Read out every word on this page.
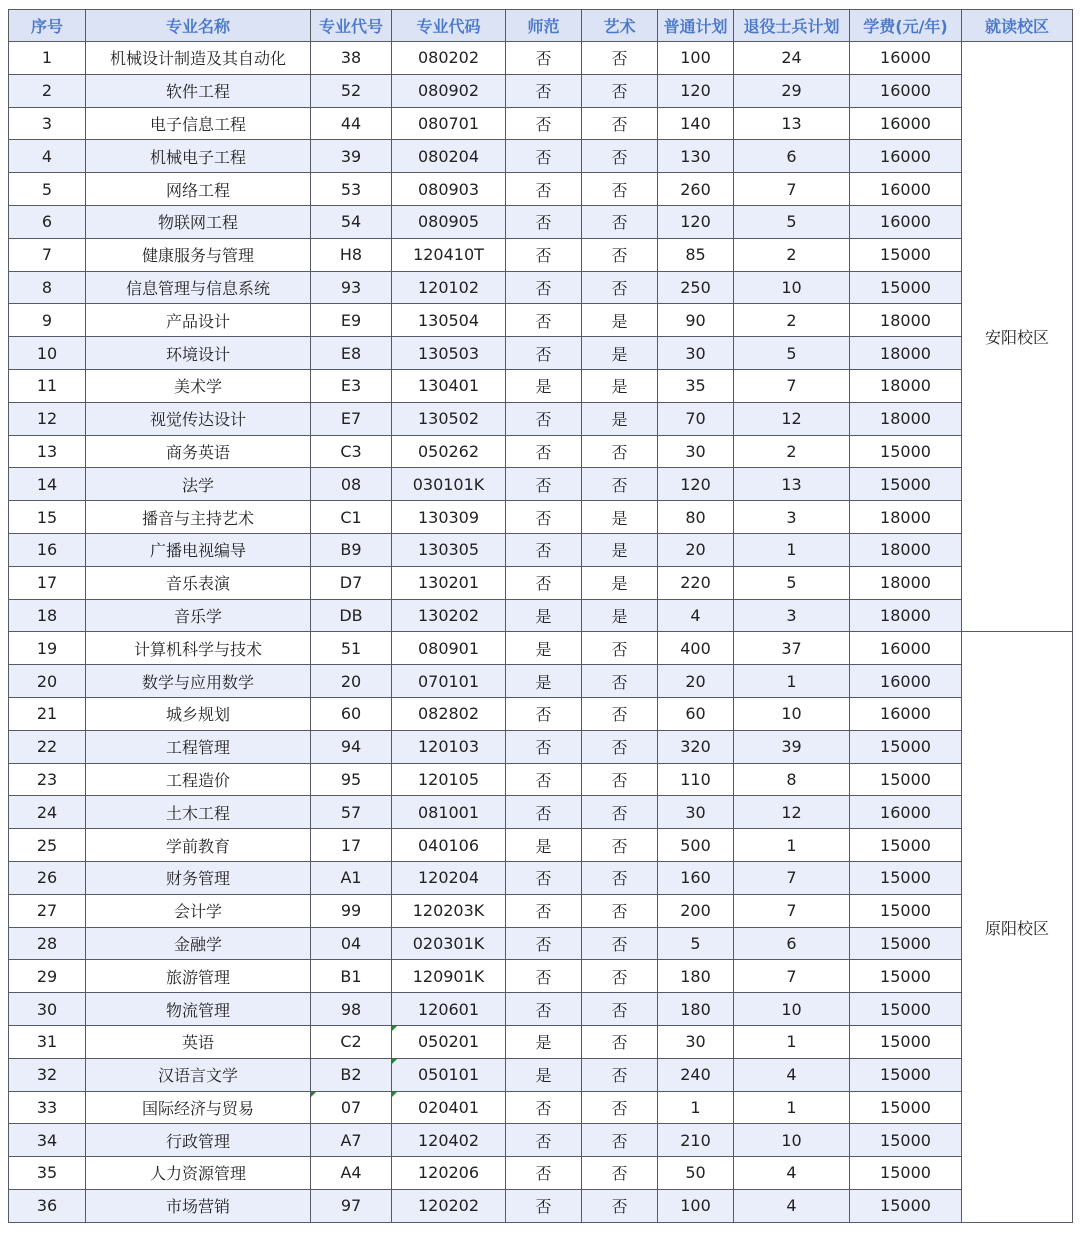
序号	专业名称	专业代号	专业代码	师范	艺术	普通计划	退役士兵计划	学费(元/年)	就读校区
1	机械设计制造及其自动化	38	080202	否	否	100	24	16000	安阳校区
2	软件工程	52	080902	否	否	120	29	16000	
3	电子信息工程	44	080701	否	否	140	13	16000	
4	机械电子工程	39	080204	否	否	130	6	16000	
5	网络工程	53	080903	否	否	260	7	16000	
6	物联网工程	54	080905	否	否	120	5	16000	
7	健康服务与管理	H8	120410T	否	否	85	2	15000	
8	信息管理与信息系统	93	120102	否	否	250	10	15000	
9	产品设计	E9	130504	否	是	90	2	18000	
10	环境设计	E8	130503	否	是	30	5	18000	
11	美术学	E3	130401	是	是	35	7	18000	
12	视觉传达设计	E7	130502	否	是	70	12	18000	
13	商务英语	C3	050262	否	否	30	2	15000	
14	法学	08	030101K	否	否	120	13	15000	
15	播音与主持艺术	C1	130309	否	是	80	3	18000	
16	广播电视编导	B9	130305	否	是	20	1	18000	
17	音乐表演	D7	130201	否	是	220	5	18000	
18	音乐学	DB	130202	是	是	4	3	18000	
19	计算机科学与技术	51	080901	是	否	400	37	16000	原阳校区
20	数学与应用数学	20	070101	是	否	20	1	16000	
21	城乡规划	60	082802	否	否	60	10	16000	
22	工程管理	94	120103	否	否	320	39	15000	
23	工程造价	95	120105	否	否	110	8	15000	
24	土木工程	57	081001	否	否	30	12	16000	
25	学前教育	17	040106	是	否	500	1	15000	
26	财务管理	A1	120204	否	否	160	7	15000	
27	会计学	99	120203K	否	否	200	7	15000	
28	金融学	04	020301K	否	否	5	6	15000	
29	旅游管理	B1	120901K	否	否	180	7	15000	
30	物流管理	98	120601	否	否	180	10	15000	
31	英语	C2	050201	是	否	30	1	15000	
32	汉语言文学	B2	050101	是	否	240	4	15000	
33	国际经济与贸易	07	020401	否	否	1	1	15000	
34	行政管理	A7	120402	否	否	210	10	15000	
35	人力资源管理	A4	120206	否	否	50	4	15000	
36	市场营销	97	120202	否	否	100	4	15000	
